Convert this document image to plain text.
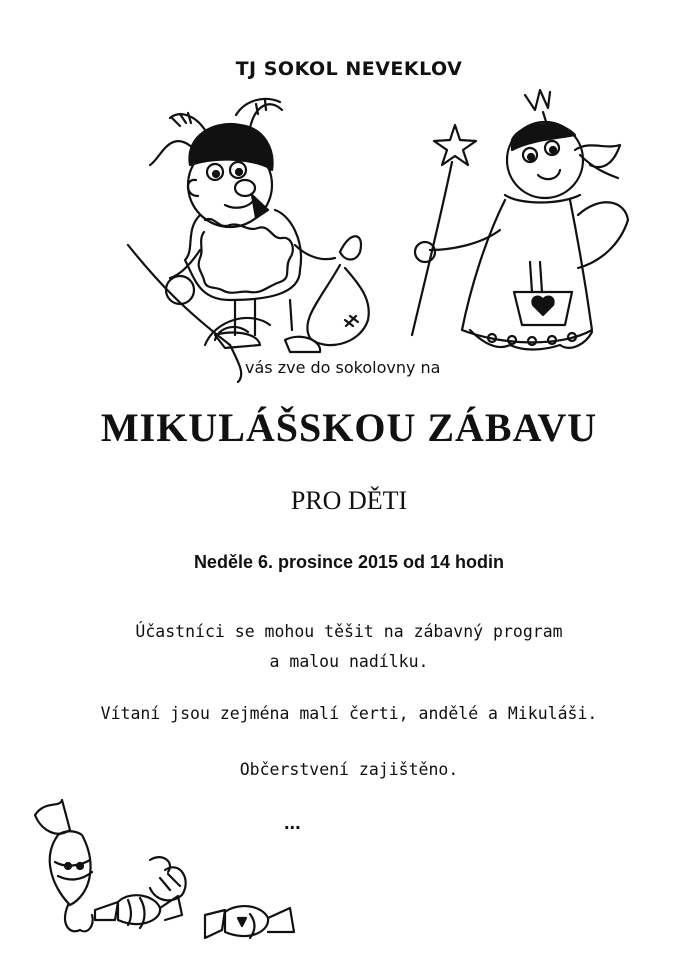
TJ SOKOL NEVEKLOV
vás zve do sokolovny na
MIKULÁŠSKOU ZÁBAVU
PRO DĚTI
Neděle 6. prosince 2015 od 14 hodin
Účastníci se mohou těšit na zábavný program
a malou nadílku.
Vítaní jsou zejména malí čerti, andělé a Mikuláši.
Občerstvení zajištěno.
...
